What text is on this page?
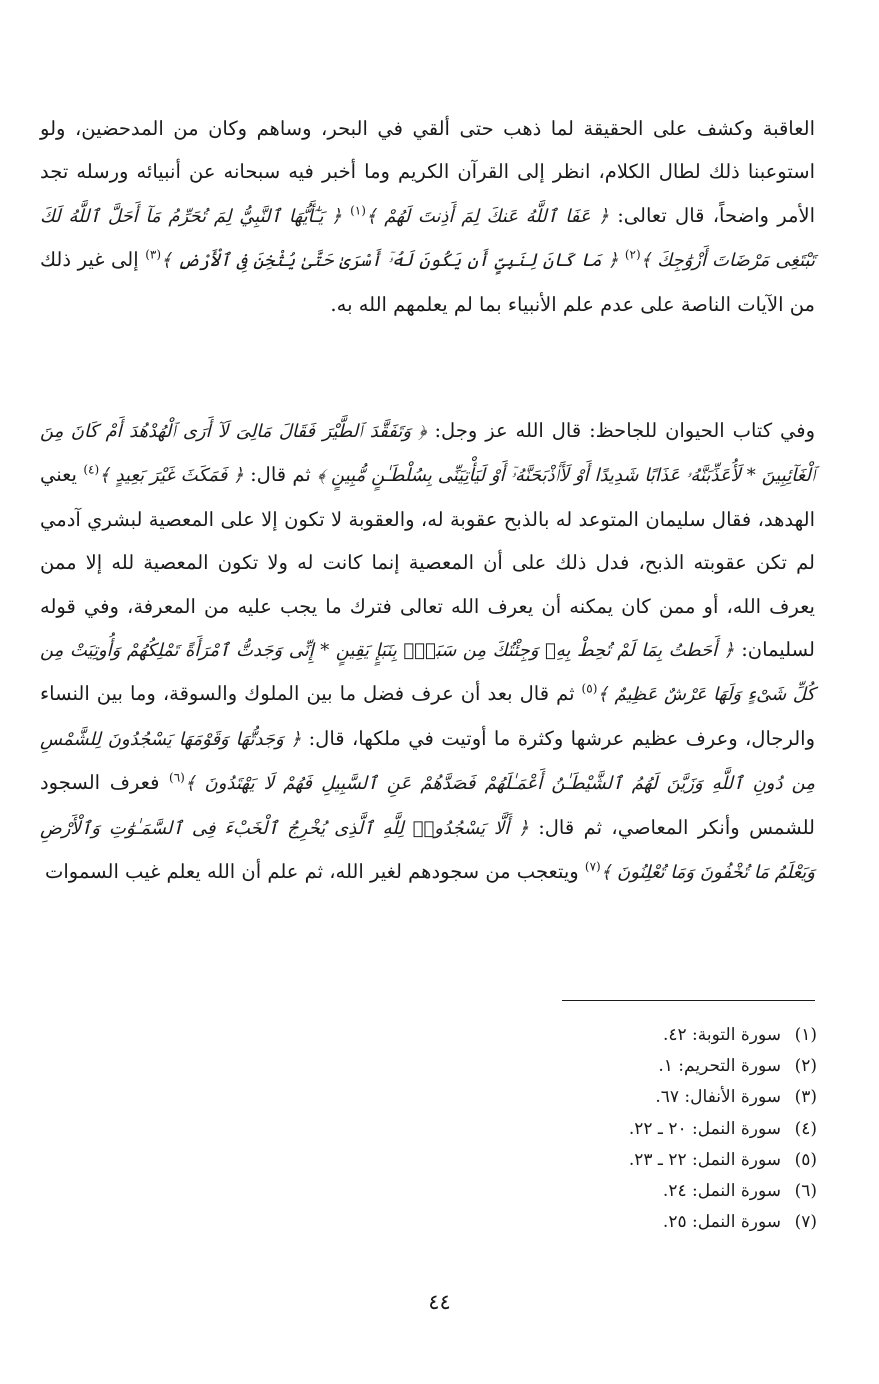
العاقبة وكشف على الحقيقة لما ذهب حتى ألقي في البحر، وساهم وكان من المدحضين، ولو استوعبنا ذلك لطال الكلام، انظر إلى القرآن الكريم وما أخبر فيه سبحانه عن أنبيائه ورسله تجد الأمر واضحاً، قال تعالى: ﴿ عَفَا ٱللَّهُ عَنكَ لِمَ أَذِنتَ لَهُمْ ﴾$^{(١)}$ ﴿ يَـٰٓأَيُّهَا ٱلنَّبِيُّ لِمَ تُحَرِّمُ مَآ أَحَلَّ ٱللَّهُ لَكَ تَبْتَغِى مَرْضَاتَ أَزْوَٰجِكَ ﴾$^{(٢)}$ ﴿ مَا كَانَ لِنَبِىٍّ أَن يَكُونَ لَهُۥٓ أَسْرَىٰ حَتَّىٰ يُثْخِنَ فِى ٱلْأَرْضِ ﴾$^{(٣)}$ إلى غير ذلك من الآيات الناصة على عدم علم الأنبياء بما لم يعلمهم الله به.

وفي كتاب الحيوان للجاحظ: قال الله عز وجل: ﴿ وَتَفَقَّدَ ٱلطَّيْرَ فَقَالَ مَالِىَ لَآ أَرَى ٱلْهُدْهُدَ أَمْ كَانَ مِنَ ٱلْغَآئِبِينَ * لَأُعَذِّبَنَّهُۥ عَذَابًا شَدِيدًا أَوْ لَأَا۟ذْبَحَنَّهُۥٓ أَوْ لَيَأْتِيَنِّى بِسُلْطَـٰنٍ مُّبِينٍ ﴾ ثم قال: ﴿ فَمَكَثَ غَيْرَ بَعِيدٍ ﴾$^{(٤)}$ يعني الهدهد، فقال سليمان المتوعد له بالذبح عقوبة له، والعقوبة لا تكون إلا على المعصية لبشري آدمي لم تكن عقوبته الذبح، فدل ذلك على أن المعصية إنما كانت له ولا تكون المعصية لله إلا ممن يعرف الله، أو ممن كان يمكنه أن يعرف الله تعالى فترك ما يجب عليه من المعرفة، وفي قوله لسليمان: ﴿ أَحَطتُ بِمَا لَمْ تُحِطْ بِهِۦ وَجِئْتُكَ مِن سَبَإٍۭ بِنَبَإٍ يَقِينٍ * إِنِّى وَجَدتُّ ٱمْرَأَةً تَمْلِكُهُمْ وَأُوتِيَتْ مِن كُلِّ شَىْءٍ وَلَهَا عَرْشٌ عَظِيمٌ ﴾$^{(٥)}$ ثم قال بعد أن عرف فضل ما بين الملوك والسوقة، وما بين النساء والرجال، وعرف عظيم عرشها وكثرة ما أوتيت في ملكها، قال: ﴿ وَجَدتُّهَا وَقَوْمَهَا يَسْجُدُونَ لِلشَّمْسِ مِن دُونِ ٱللَّهِ وَزَيَّنَ لَهُمُ ٱلشَّيْطَـٰنُ أَعْمَـٰلَهُمْ فَصَدَّهُمْ عَنِ ٱلسَّبِيلِ فَهُمْ لَا يَهْتَدُونَ ﴾$^{(٦)}$ فعرف السجود للشمس وأنكر المعاصي، ثم قال: ﴿ أَلَّا يَسْجُدُوا۟ لِلَّهِ ٱلَّذِى يُخْرِجُ ٱلْخَبْءَ فِى ٱلسَّمَـٰوَٰتِ وَٱلْأَرْضِ وَيَعْلَمُ مَا تُخْفُونَ وَمَا تُعْلِنُونَ ﴾$^{(٧)}$ ويتعجب من سجودهم لغير الله، ثم علم أن الله يعلم غيب السموات

(١)سورة التوبة: ٤٢.
(٢)سورة التحريم: ١.
(٣)سورة الأنفال: ٦٧.
(٤)سورة النمل: ٢٠ ـ ٢٢.
(٥)سورة النمل: ٢٢ ـ ٢٣.
(٦)سورة النمل: ٢٤.
(٧)سورة النمل: ٢٥.
٤٤
